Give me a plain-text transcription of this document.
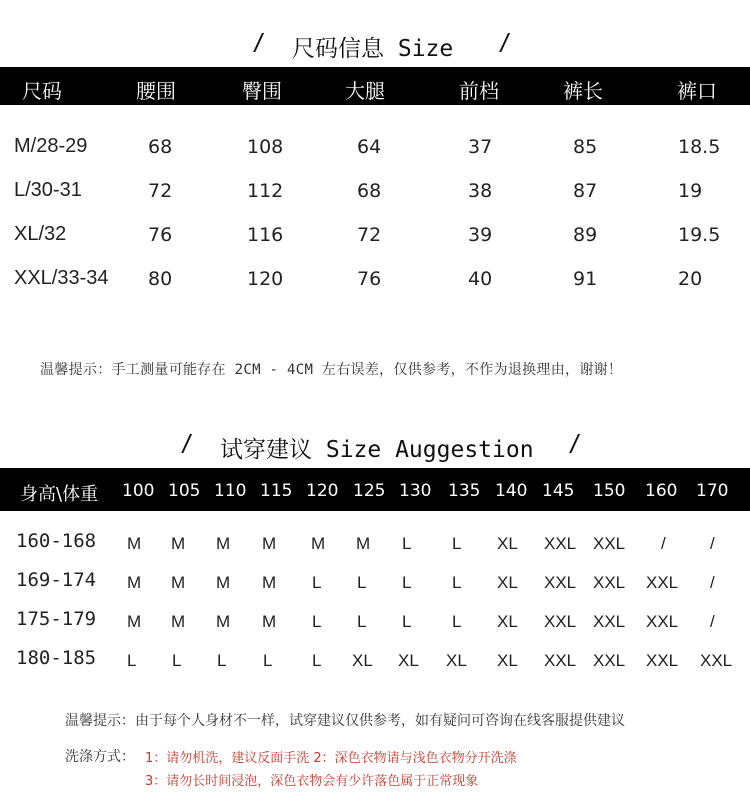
/ 尺码信息 Size /
尺码	腰围	臀围	大腿	前档	裤长	裤口
M/28-29	68	108	64	37	85	18.5
L/30-31	72	112	68	38	87	19
XL/32	76	116	72	39	89	19.5
XXL/33-34 80	120	76	40	91	20
温馨提示：手工测量可能存在 2CM - 4CM 左右误差，仅供参考，不作为退换理由，谢谢！
/ 试穿建议 Size Auggestion /
身高\体重 100 105 110 115 120 125 130 135 140 145 150 160 170
160-168 M M M M M M L L XL XXL XXL /	/
169-174 M M M M L L L L XL XXL XXL XXL /
175-179 M M M M L L L L XL XXL XXL XXL /
180-185 L L L L L XL XL XL XL XXL XXL XXL XXL
温馨提示：由于每个人身材不一样，试穿建议仅供参考，如有疑问可咨询在线客服提供建议
洗涤方式： 1：请勿机洗，建议反面手洗 2：深色衣物请与浅色衣物分开洗涤
3：请勿长时间浸泡，深色衣物会有少许落色属于正常现象
